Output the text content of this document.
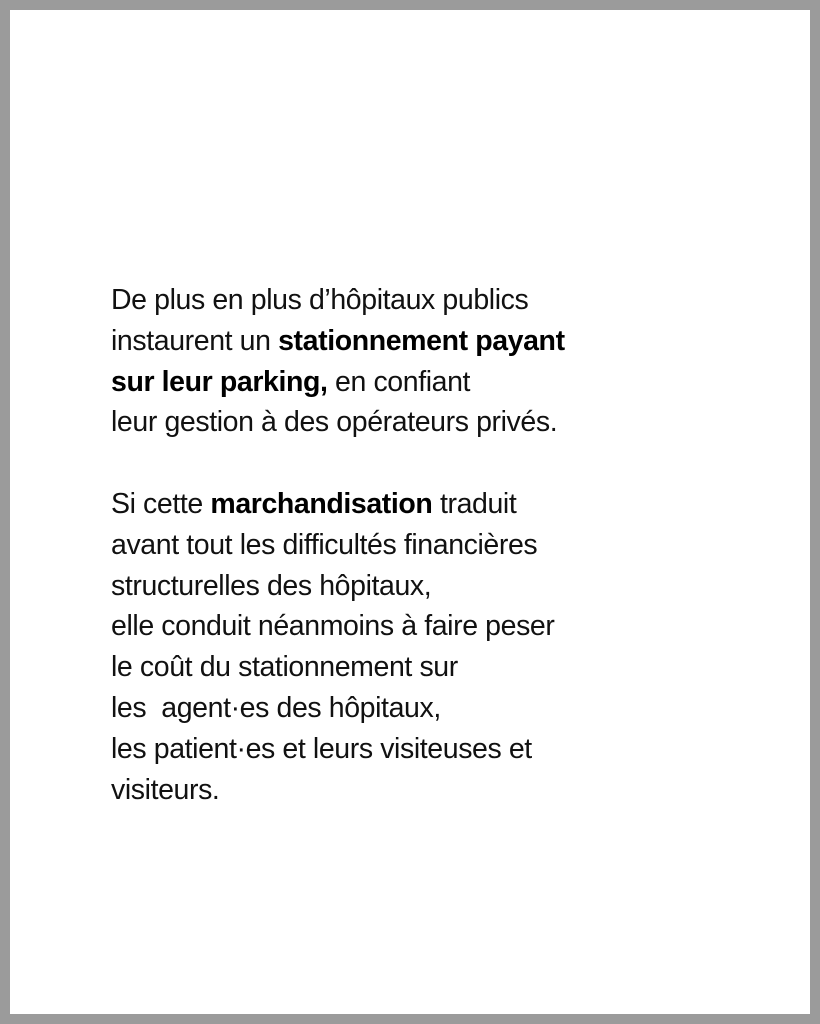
De plus en plus d’hôpitaux publics
instaurent un stationnement payant
sur leur parking, en confiant
leur gestion à des opérateurs privés.

Si cette marchandisation traduit
avant tout les difficultés financières
structurelles des hôpitaux,
elle conduit néanmoins à faire peser
le coût du stationnement sur
les  agent·es des hôpitaux,
les patient·es et leurs visiteuses et
visiteurs.
